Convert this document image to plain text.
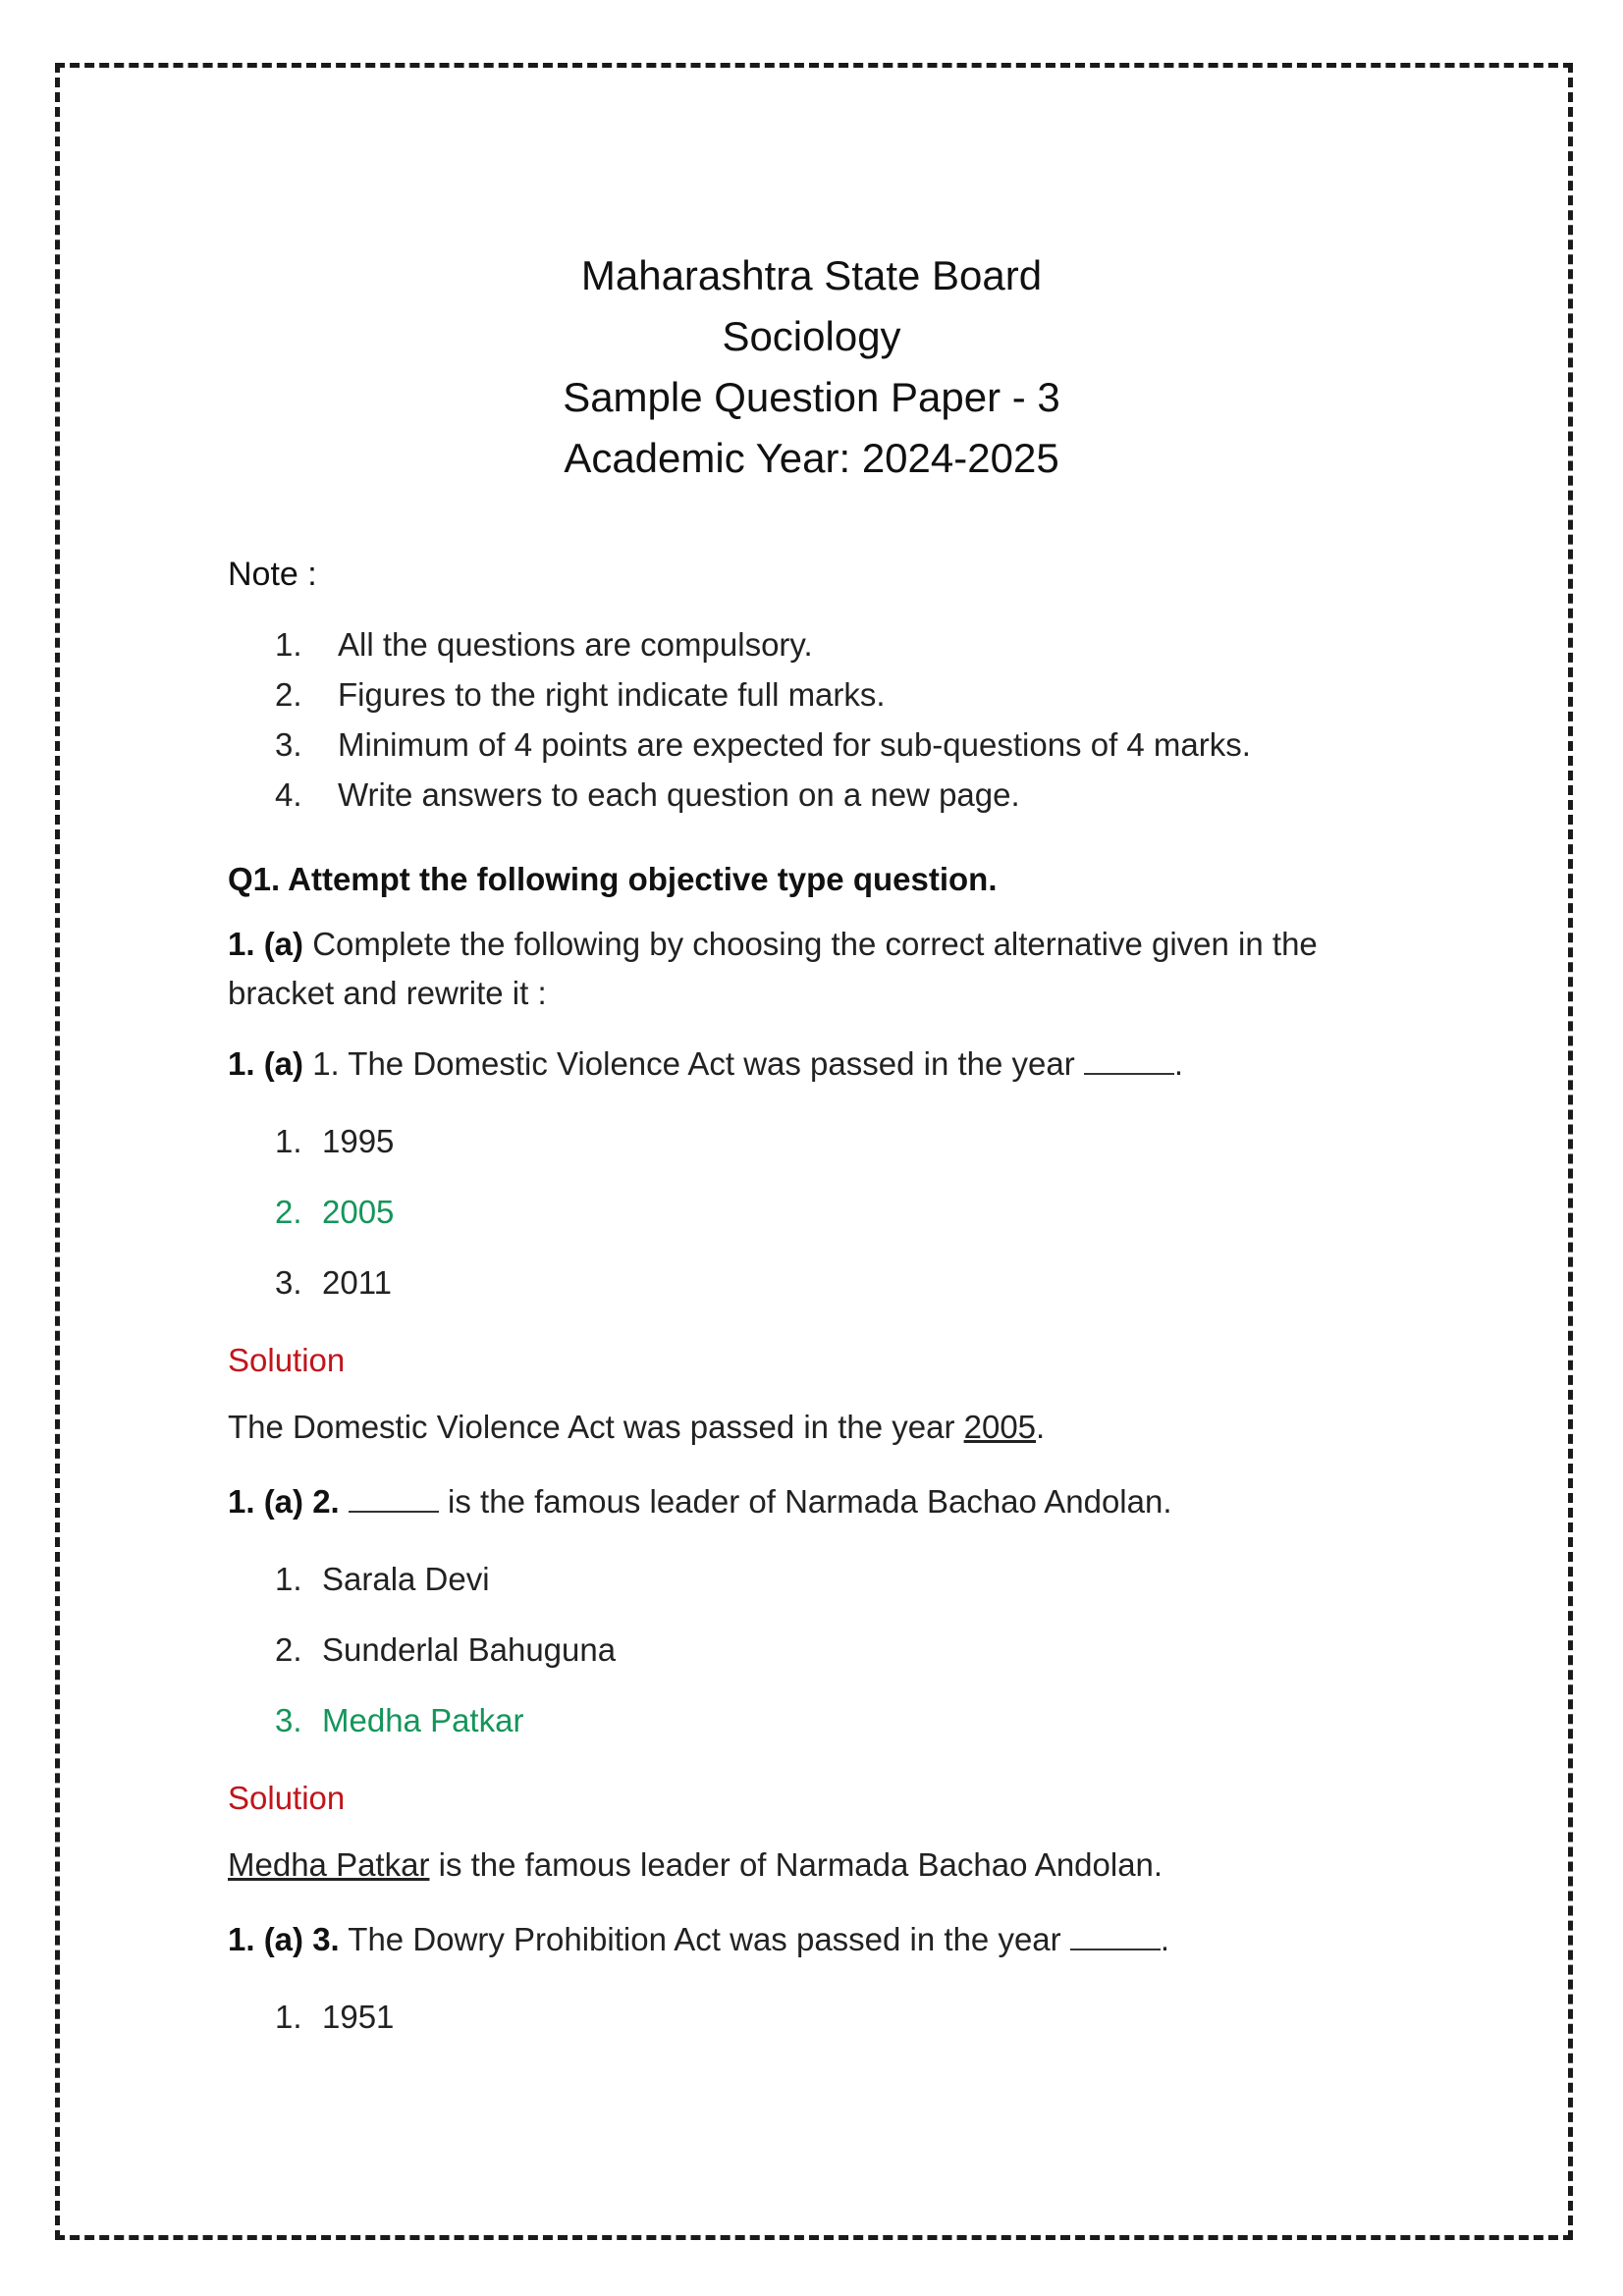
Maharashtra State Board
Sociology
Sample Question Paper - 3
Academic Year: 2024-2025
Note :
1.	All the questions are compulsory.
2.	Figures to the right indicate full marks.
3.	Minimum of 4 points are expected for sub-questions of 4 marks.
4.	Write answers to each question on a new page.
Q1. Attempt the following objective type question.
1. (a) Complete the following by choosing the correct alternative given in the bracket and rewrite it :
1. (a) 1. The Domestic Violence Act was passed in the year	.
1. 1995
2. 2005
3. 2011
Solution
The Domestic Violence Act was passed in the year 2005.
1. (a) 2.	is the famous leader of Narmada Bachao Andolan.
1. Sarala Devi
2. Sunderlal Bahuguna
3. Medha Patkar
Solution
Medha Patkar is the famous leader of Narmada Bachao Andolan.
1. (a) 3. The Dowry Prohibition Act was passed in the year	.
1. 1951
